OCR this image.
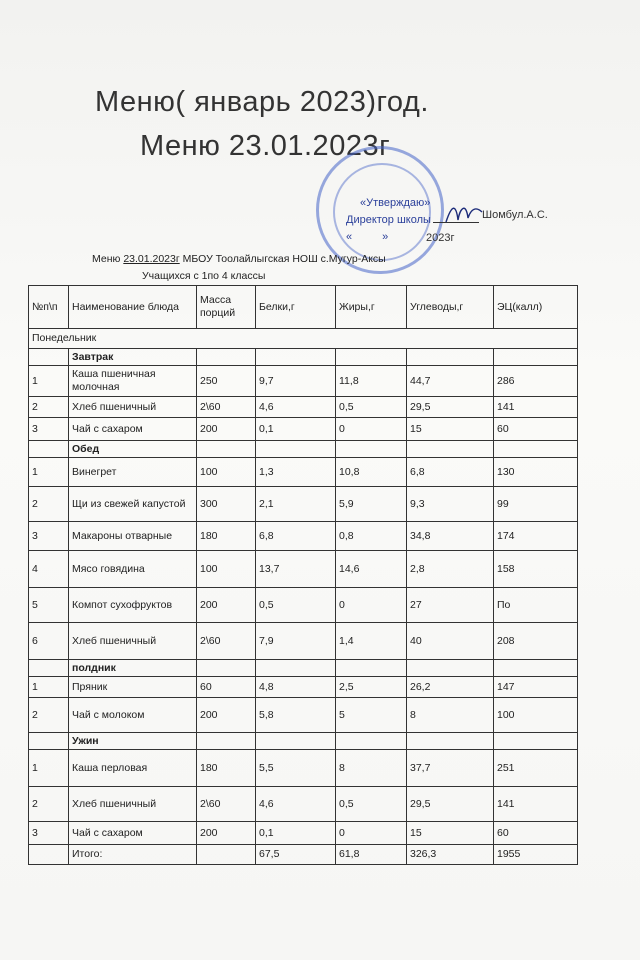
Меню( январь 2023)год.
Меню 23.01.2023г
«Утверждаю»
Директор школы
«	»
Шомбул.А.С.
2023г
Меню 23.01.2023г МБОУ Тоолайлыгская НОШ с.Мугур-Аксы
Учащихся с 1по 4 классы
№п\п	Наименование блюда	Масса порций	Белки,г	Жиры,г	Углеводы,г	ЭЦ(калл)
Понедельник						
	Завтрак					
1	Каша пшеничная молочная	250	9,7	11,8	44,7	286
2	Хлеб пшеничный	2\60	4,6	0,5	29,5	141
3	Чай с сахаром	200	0,1	0	15	60
	Обед					
1	Винегрет	100	1,3	10,8	6,8	130
2	Щи из свежей капустой	300	2,1	5,9	9,3	99
3	Макароны отварные	180	6,8	0,8	34,8	174
4	Мясо говядина	100	13,7	14,6	2,8	158
5	Компот сухофруктов	200	0,5	0	27	По
6	Хлеб пшеничный	2\60	7,9	1,4	40	208
	полдник					
1	Пряник	60	4,8	2,5	26,2	147
2	Чай с молоком	200	5,8	5	8	100
	Ужин					
1	Каша перловая	180	5,5	8	37,7	251
2	Хлеб пшеничный	2\60	4,6	0,5	29,5	141
3	Чай с сахаром	200	0,1	0	15	60
	Итого:		67,5	61,8	326,3	1955
